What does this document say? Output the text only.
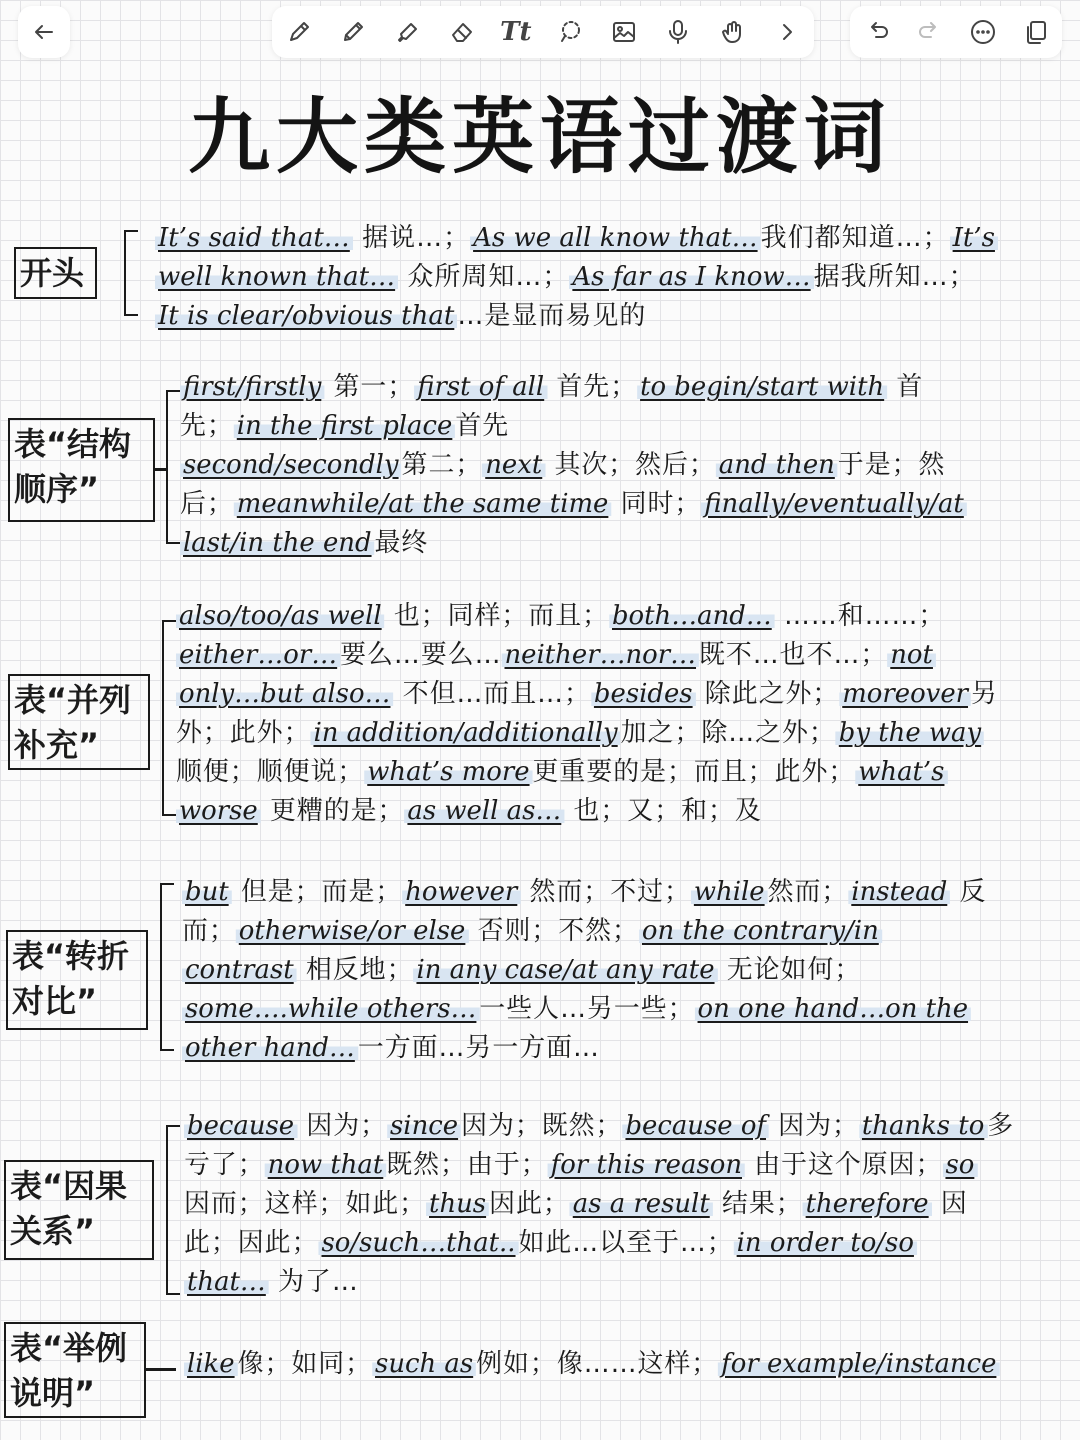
Tt
九大类英语过渡词
开头
It’s said that… 据说…； As we all know that… 我们都知道…； It’s
well known that… 众所周知…； As far as I know… 据我所知…；
It is clear/obvious that …是显而易见的
表“结构
顺序”
first/firstly 第一； first of all 首先； to begin/start with 首
先； in the first place 首先
second/secondly 第二； next 其次；然后； and then 于是；然
后； meanwhile/at the same time 同时； finally/eventually/at
last/in the end 最终
表“并列
补充”
also/too/as well 也；同样；而且； both…and… ……和……；
either…or… 要么…要么… neither…nor… 既不…也不…； not
only…but also… 不但…而且…； besides 除此之外； moreover 另
外；此外； in addition/additionally 加之；除…之外； by the way
顺便；顺便说； what’s more 更重要的是；而且；此外； what’s
worse 更糟的是； as well as… 也；又；和；及
表“转折
对比”
but 但是；而是； however 然而；不过； while 然而； instead 反
而； otherwise/or else 否则；不然； on the contrary/in
contrast 相反地； in any case/at any rate 无论如何；
some….while others… 一些人…另一些； on one hand…on the
other hand… 一方面…另一方面…
表“因果
关系”
because 因为； since 因为；既然； because of 因为； thanks to 多
亏了； now that 既然；由于； for this reason 由于这个原因； so
因而；这样；如此； thus 因此； as a result 结果； therefore 因
此；因此； so/such…that.. 如此…以至于…； in order to/so
that… 为了…
表“举例
说明”
like 像；如同； such as 例如；像……这样； for example/instance
